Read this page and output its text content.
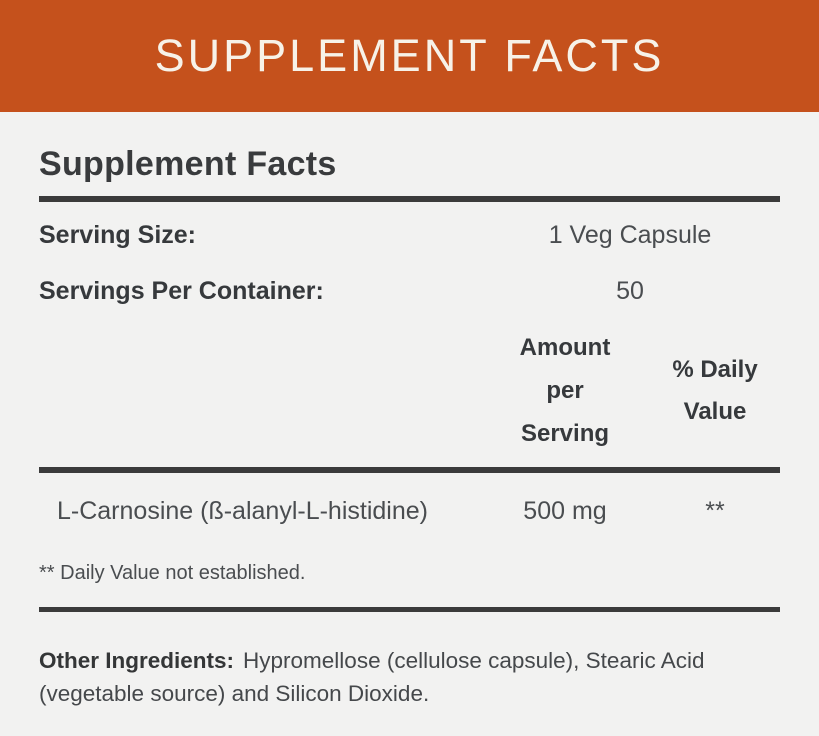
SUPPLEMENT FACTS
Supplement Facts
Serving Size:	1 Veg Capsule
Servings Per Container:	50
Amount per Serving
% Daily Value
L-Carnosine (ß-alanyl-L-histidine)	500 mg	**
** Daily Value not established.

Other Ingredients: Hypromellose (cellulose capsule), Stearic Acid (vegetable source) and Silicon Dioxide.
